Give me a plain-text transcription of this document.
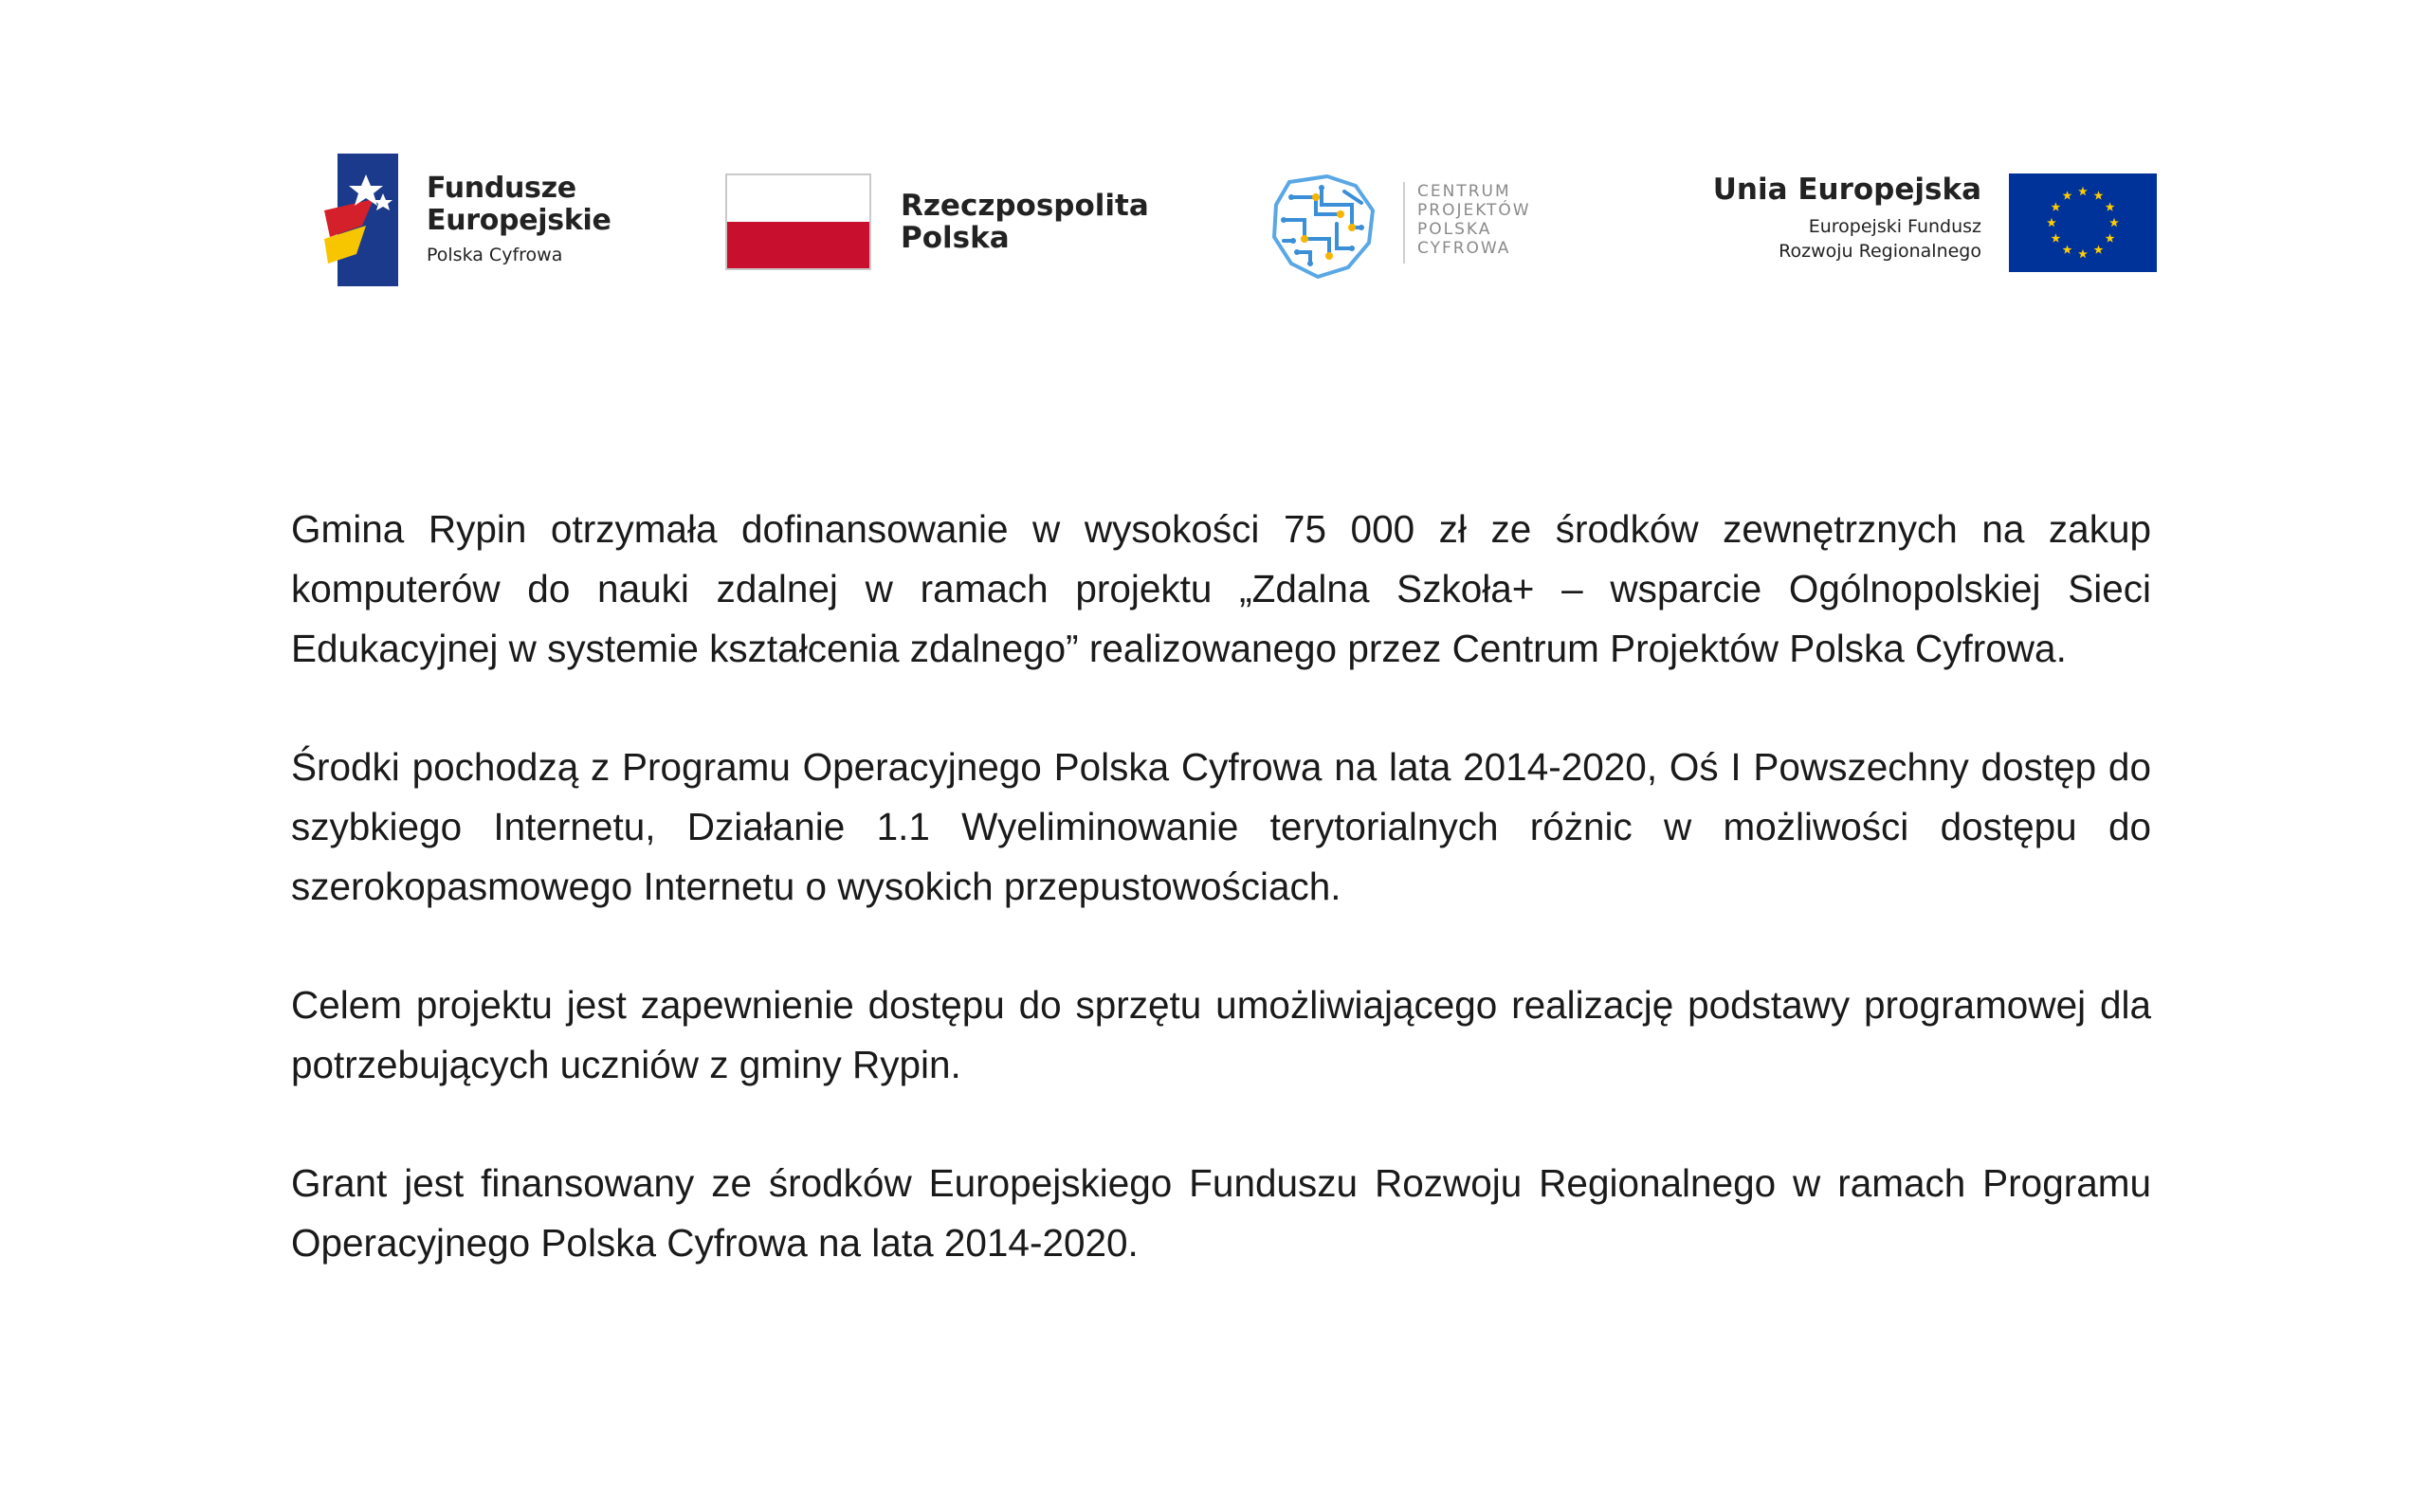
Fundusze
Europejskie
Polska Cyfrowa
Rzeczpospolita
Polska
CENTRUM
PROJEKTÓW
POLSKA
CYFROWA
Unia Europejska
Europejski Fundusz
Rozwoju Regionalnego

Gmina Rypin otrzymała dofinansowanie w wysokości 75 000 zł ze środków zewnętrznych na zakup komputerów do nauki zdalnej w ramach projektu „Zdalna Szkoła+ – wsparcie Ogólnopolskiej Sieci Edukacyjnej w systemie kształcenia zdalnego” realizowanego przez Centrum Projektów Polska Cyfrowa.

Środki pochodzą z Programu Operacyjnego Polska Cyfrowa na lata 2014-2020, Oś I Powszechny dostęp do szybkiego Internetu, Działanie 1.1 Wyeliminowanie terytorialnych różnic w możliwości dostępu do szerokopasmowego Internetu o wysokich przepustowościach.

Celem projektu jest zapewnienie dostępu do sprzętu umożliwiającego realizację podstawy programowej dla potrzebujących uczniów z gminy Rypin.

Grant jest finansowany ze środków Europejskiego Funduszu Rozwoju Regionalnego w ramach Programu Operacyjnego Polska Cyfrowa na lata 2014-2020.
